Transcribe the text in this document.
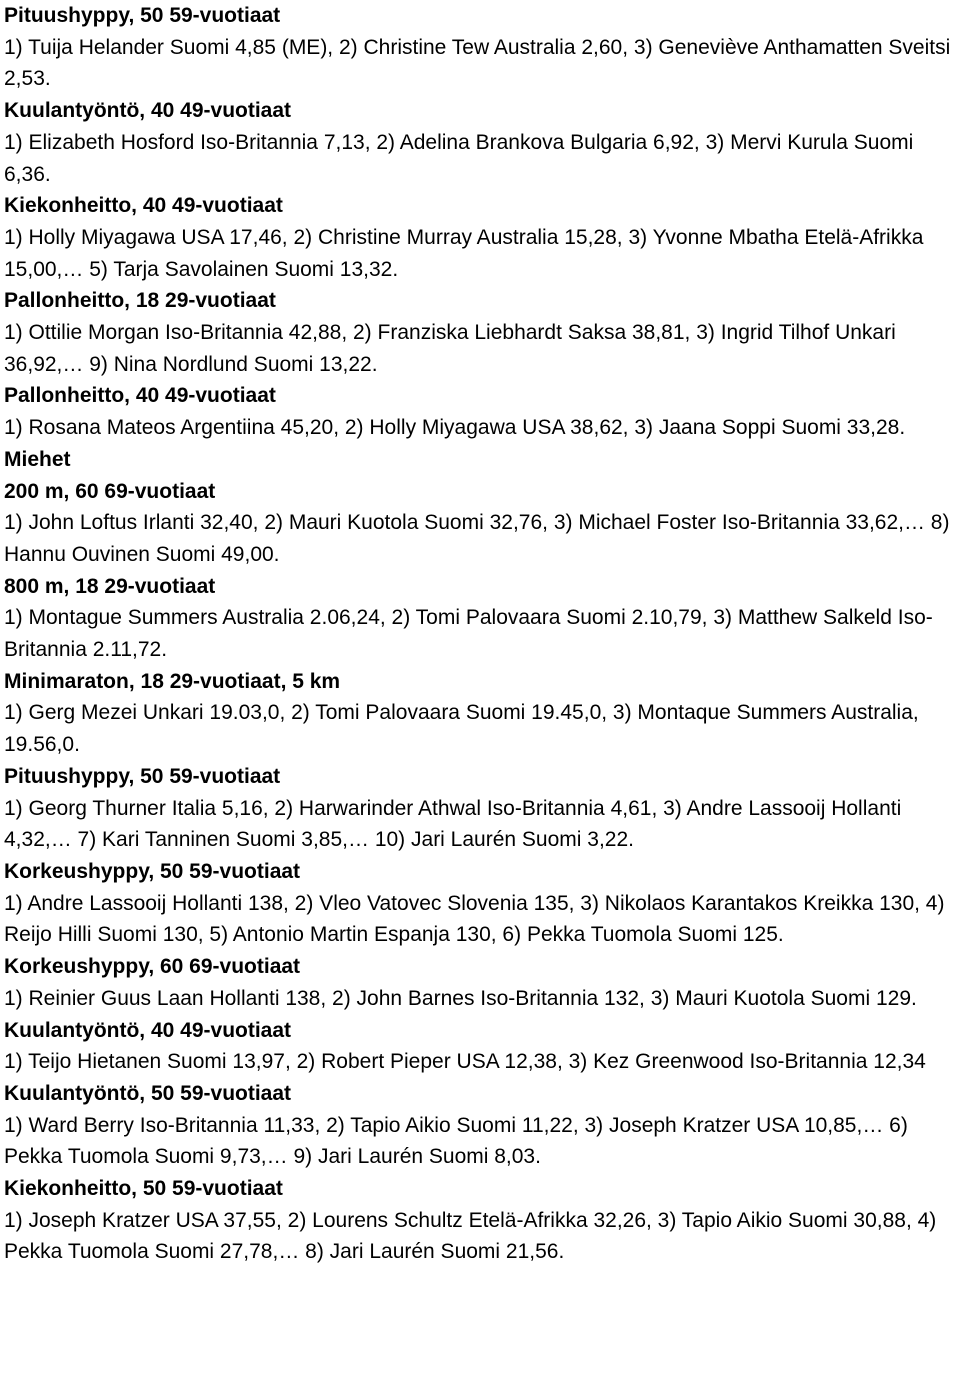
Pituushyppy, 50 59-vuotiaat

1) Tuija Helander Suomi 4,85 (ME), 2) Christine Tew Australia 2,60, 3) Geneviève Anthamatten Sveitsi 2,53.

Kuulantyöntö, 40 49-vuotiaat

1) Elizabeth Hosford Iso-Britannia 7,13, 2) Adelina Brankova Bulgaria 6,92, 3) Mervi Kurula Suomi 6,36.

Kiekonheitto, 40 49-vuotiaat

1) Holly Miyagawa USA 17,46, 2) Christine Murray Australia 15,28, 3) Yvonne Mbatha Etelä-Afrikka 15,00,… 5) Tarja Savolainen Suomi 13,32.

Pallonheitto, 18 29-vuotiaat

1) Ottilie Morgan Iso-Britannia 42,88, 2) Franziska Liebhardt Saksa 38,81, 3) Ingrid Tilhof Unkari 36,92,… 9) Nina Nordlund Suomi 13,22.

Pallonheitto, 40 49-vuotiaat

1) Rosana Mateos Argentiina 45,20, 2) Holly Miyagawa USA 38,62, 3) Jaana Soppi Suomi 33,28.

Miehet

200 m, 60 69-vuotiaat

1) John Loftus Irlanti 32,40, 2) Mauri Kuotola Suomi 32,76, 3) Michael Foster Iso-Britannia 33,62,… 8) Hannu Ouvinen Suomi 49,00.

800 m, 18 29-vuotiaat

1) Montague Summers Australia 2.06,24, 2) Tomi Palovaara Suomi 2.10,79, 3) Matthew Salkeld Iso-Britannia 2.11,72.

Minimaraton, 18 29-vuotiaat, 5 km

1) Gerg Mezei Unkari 19.03,0, 2) Tomi Palovaara Suomi 19.45,0, 3) Montaque Summers Australia, 19.56,0.

Pituushyppy, 50 59-vuotiaat

1) Georg Thurner Italia 5,16, 2) Harwarinder Athwal Iso-Britannia 4,61, 3) Andre Lassooij Hollanti 4,32,… 7) Kari Tanninen Suomi 3,85,… 10) Jari Laurén Suomi 3,22.

Korkeushyppy, 50 59-vuotiaat

1) Andre Lassooij Hollanti 138, 2) Vleo Vatovec Slovenia 135, 3) Nikolaos Karantakos Kreikka 130, 4) Reijo Hilli Suomi 130, 5) Antonio Martin Espanja 130, 6) Pekka Tuomola Suomi 125.

Korkeushyppy, 60 69-vuotiaat

1) Reinier Guus Laan Hollanti 138, 2) John Barnes Iso-Britannia 132, 3) Mauri Kuotola Suomi 129.

Kuulantyöntö, 40 49-vuotiaat

1) Teijo Hietanen Suomi 13,97, 2) Robert Pieper USA 12,38, 3) Kez Greenwood Iso-Britannia 12,34

Kuulantyöntö, 50 59-vuotiaat

1) Ward Berry Iso-Britannia 11,33, 2) Tapio Aikio Suomi 11,22, 3) Joseph Kratzer USA 10,85,… 6) Pekka Tuomola Suomi 9,73,… 9) Jari Laurén Suomi 8,03.

Kiekonheitto, 50 59-vuotiaat

1) Joseph Kratzer USA 37,55, 2) Lourens Schultz Etelä-Afrikka 32,26, 3) Tapio Aikio Suomi 30,88, 4) Pekka Tuomola Suomi 27,78,… 8) Jari Laurén Suomi 21,56.
